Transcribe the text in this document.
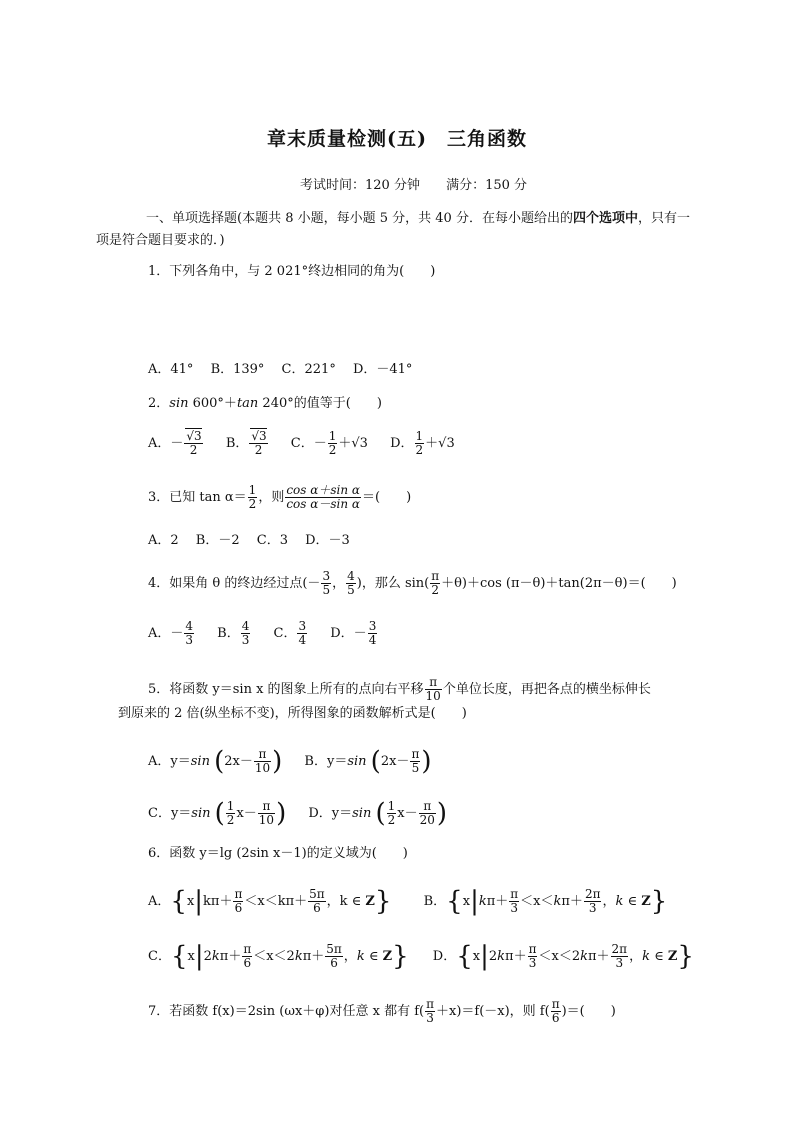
章末质量检测(五)　三角函数
考试时间：120 分钟 满分：150 分
一、单项选择题(本题共 8 小题，每小题 5 分，共 40 分．在每小题给出的四个选项中，只有一项是符合题目要求的．)
1．下列各角中，与 2 021°终边相同的角为(　　)
A．41°　 B．139°　 C．221°　 D．－41°
2．sin 600°＋tan 240°的值等于(　　)
A．－ $\frac{√3}{2}$ B． $\frac{√3}{2}$ C．－ $\frac{1}{2} +√3$ D． $\frac{1}{2} +√3$
3．已知 $\tan \alpha= \frac{1}{2}$ ，则 $\frac{\text{cos α＋sin α}}{\text{cos α－sin α}}$ ＝(　　)
A．2　 B．－2　 C．3　 D．－3
4．如果角 θ 的终边经过点(－ $\frac{3}{5}$ ， $\frac{4}{5}$ )，那么 $\sin( \frac{\pi}{2} +\theta)+\cos$ (π－θ)＋tan(2π－θ)＝(　　)
A．－ $\frac{4}{3}$ B． $\frac{4}{3}$ C． $\frac{3}{4}$ D．－ $\frac{3}{4}$
5．将函数 y＝sin x 的图象上所有的点向右平移 $\frac{\pi}{10}$ 个单位长度，再把各点的横坐标伸长
到原来的 2 倍(纵坐标不变)，所得图象的函数解析式是(　　)
A．y＝sin ($2x- \frac{\pi}{10}$ ) B．y＝sin ($2x- \frac{\pi}{5}$ )
C．y＝sin ( $\frac{1}{2} x- \frac{\pi}{10}$ ) D．y＝sin ( $\frac{1}{2} x- \frac{\pi}{20}$ )
6．函数 y＝lg (2sin x－1)的定义域为(　　)
A．{$x|k\pi+ \frac{\pi}{6} <x<k\pi+ \frac{5\pi}{6}$ ，k ∈ Z} B．{$x|k\pi+ \frac{\pi}{3} <x<k\pi+ \frac{2\pi}{3}$ ，k ∈ Z}
C．{$x|2k\pi+ \frac{\pi}{6} <x<2k\pi+ \frac{5\pi}{6}$ ，k ∈ Z} D．{$x|2k\pi+ \frac{\pi}{3} <x<2k\pi+ \frac{2\pi}{3}$ ，k ∈ Z}
7．若函数 f(x)＝2sin (ωx＋φ)对任意 x 都有 $f( \frac{\pi}{3} +x)=f(-x)$，则 $f( \frac{\pi}{6}$ )＝(　　)
